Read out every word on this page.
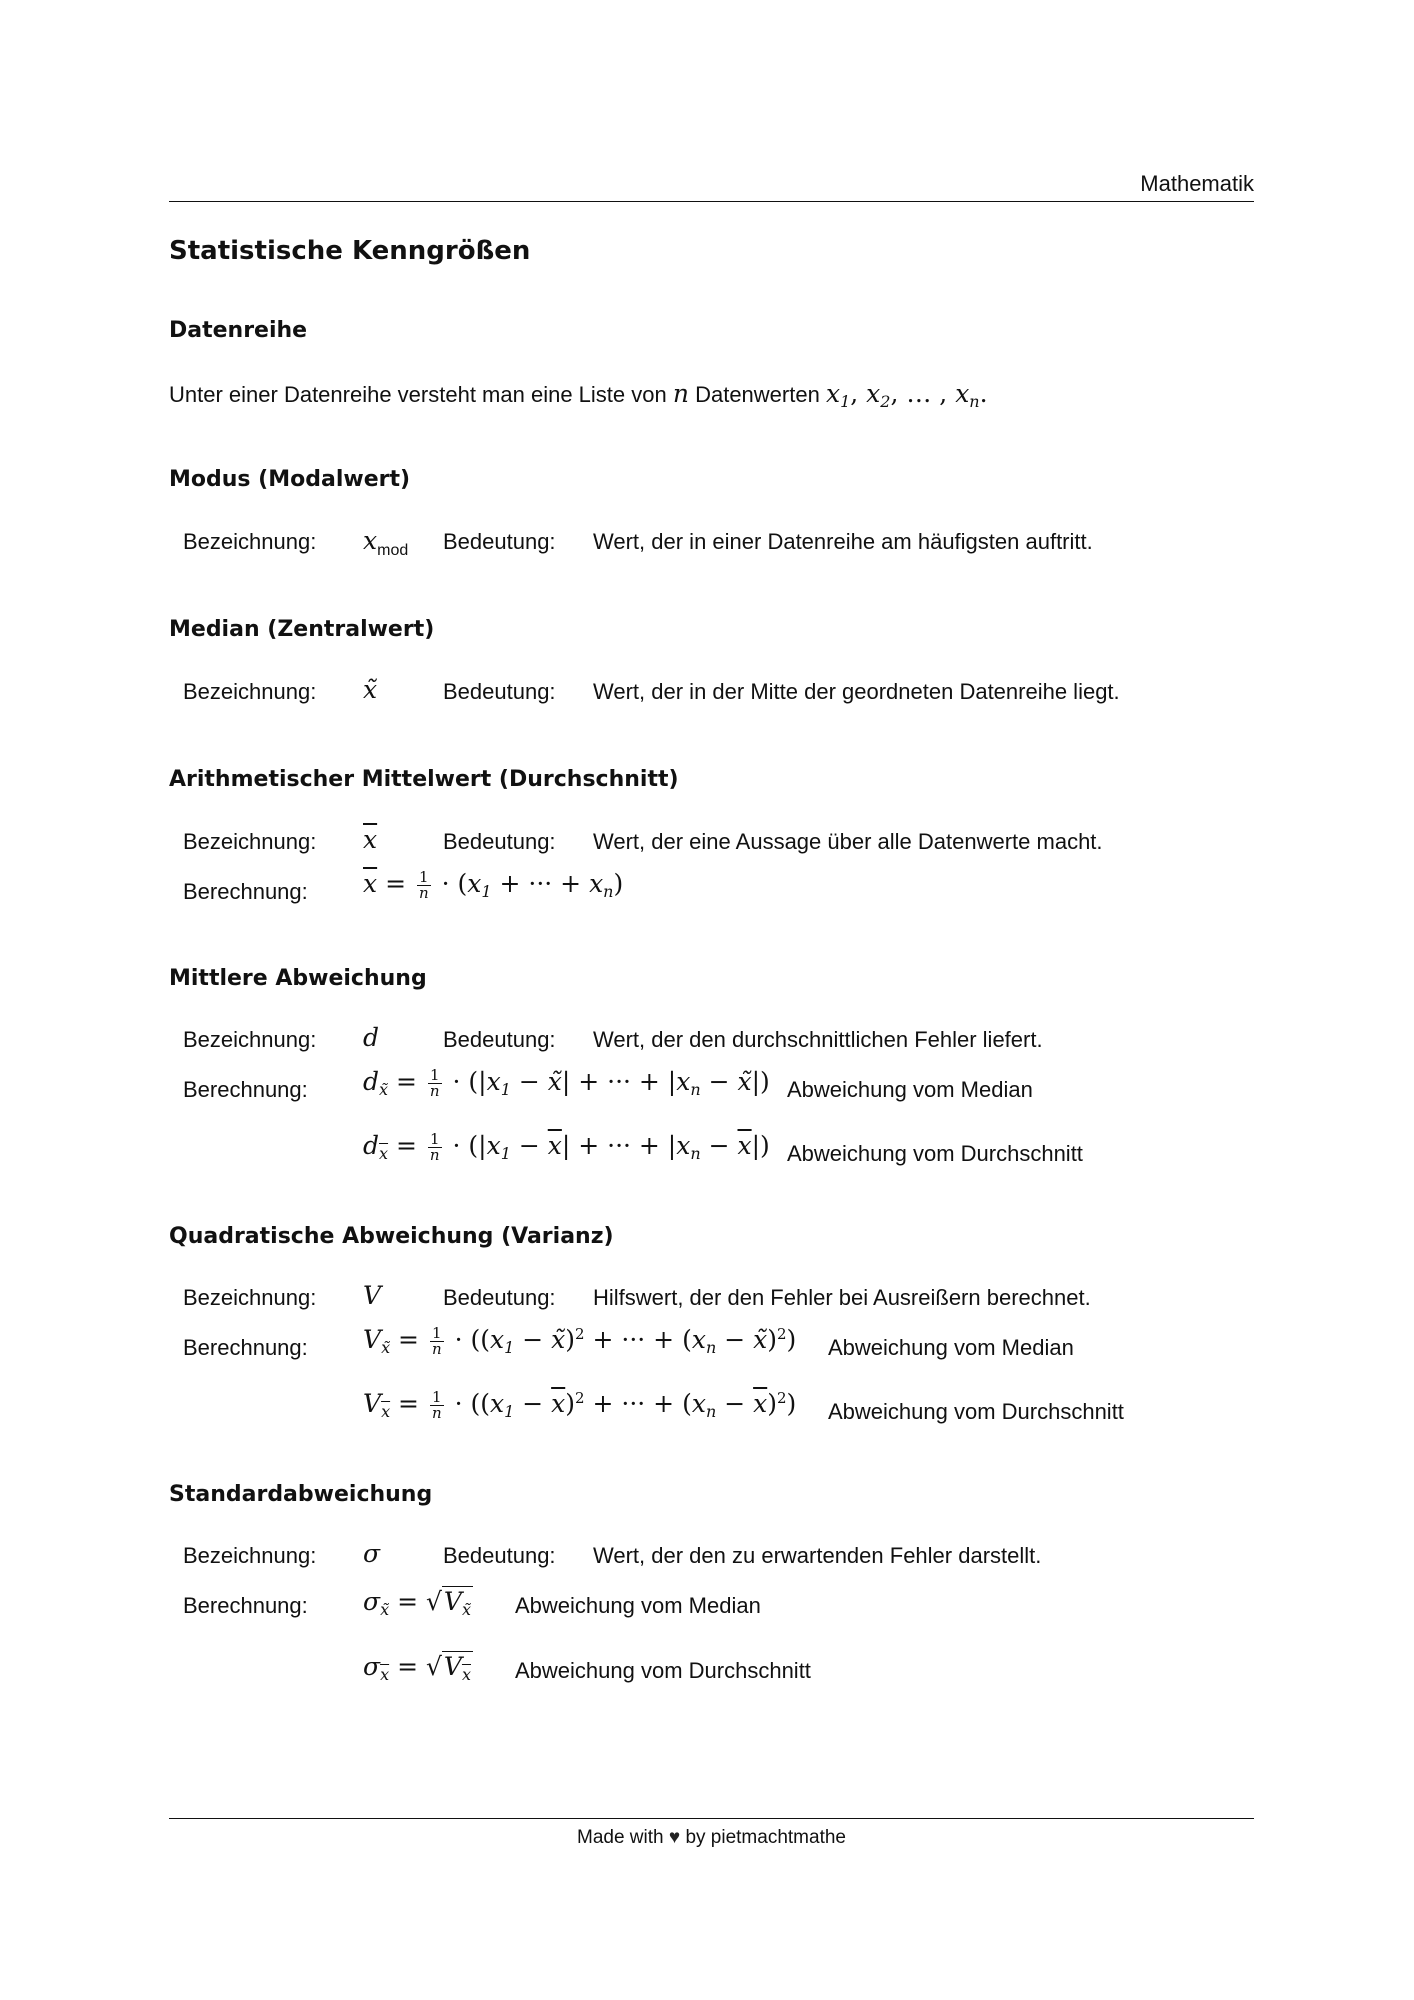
Mathematik
Statistische Kenngrößen
Datenreihe
Unter einer Datenreihe versteht man eine Liste von n Datenwerten $x_1$, $x_2$, … , $x_n$.
Modus (Modalwert)
Bezeichnung: $x_{mod}$ Bedeutung: Wert, der in einer Datenreihe am häufigsten auftritt.
Median (Zentralwert)
Bezeichnung: x̃	Bedeutung: Wert, der in der Mitte der geordneten Datenreihe liegt.
Arithmetischer Mittelwert (Durchschnitt)
Bezeichnung: $\overline{x}$	Bedeutung: Wert, der eine Aussage über alle Datenwerte macht.
Berechnung: $\overline{x} = \frac{1}{n} \cdot (x_1$ + ··· + $x_n$)
Mittlere Abweichung
Bezeichnung: d	Bedeutung: Wert, der den durchschnittlichen Fehler liefert.
Berechnung: $d_{x̃} = \frac{1}{n} \cdot (|x_1$ − x̃| + ··· + $|x_n$ − x̃|) Abweichung vom Median
$d_{\overline{x}} = \frac{1}{n} \cdot (|x_1 - \overline{x}|$ + ··· + $|x_n - \overline{x}|$) Abweichung vom Durchschnitt
Quadratische Abweichung (Varianz)
Bezeichnung: V	Bedeutung: Hilfswert, der den Fehler bei Ausreißern berechnet.
Berechnung: $V_{x̃} = \frac{1}{n} \cdot ((x_1$ − x̃)$^2$ + ··· + ($x_n$ − x̃)$^2$) Abweichung vom Median
$V_{\overline{x}} = \frac{1}{n} \cdot ((x_1 - \overline{x})^2$ + ··· + $(x_n - \overline{x})^2$) Abweichung vom Durchschnitt
Standardabweichung
Bezeichnung: σ	Bedeutung: Wert, der den zu erwartenden Fehler darstellt.
Berechnung: $\sigma_{x̃} = √V_{x̃}$ Abweichung vom Median
$\sigma_{\overline{x}} = √V_{\overline{x}}$ Abweichung vom Durchschnitt
Made with ♥ by pietmachtmathe
